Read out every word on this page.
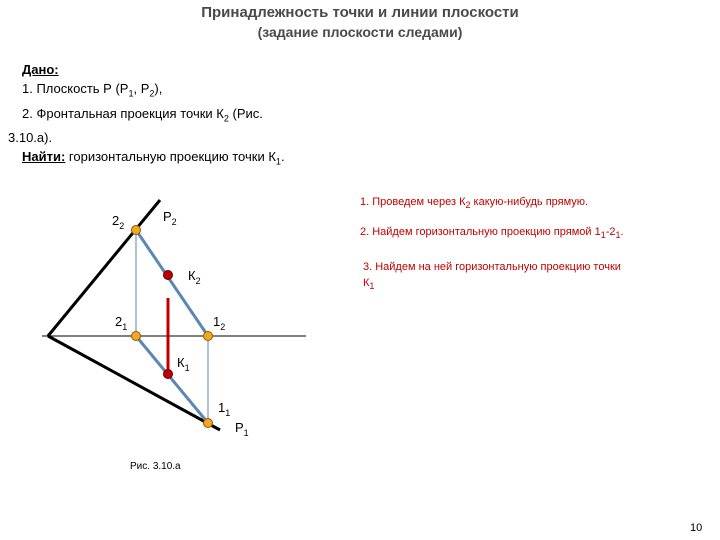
Принадлежность точки и линии плоскости
(задание плоскости следами)
Дано:
1. Плоскость Р ($Р_1$, $Р_2$),
2. Фронтальная проекция точки $К_2$ (Рис.
3.10.а).
Найти: горизонтальную проекцию точки $К_1$.
1. Проведем через $К_2$ какую-нибудь прямую.
2. Найдем горизонтальную проекцию прямой $1_1-2_1$.
3. Найдем на ней горизонтальную проекцию точки
$К_1$
$Р_2$
$Р_1$
$2_2$
$2_1$	$1_2$
$1_1$
$К_2$
$К_1$
Рис. 3.10.а
10
